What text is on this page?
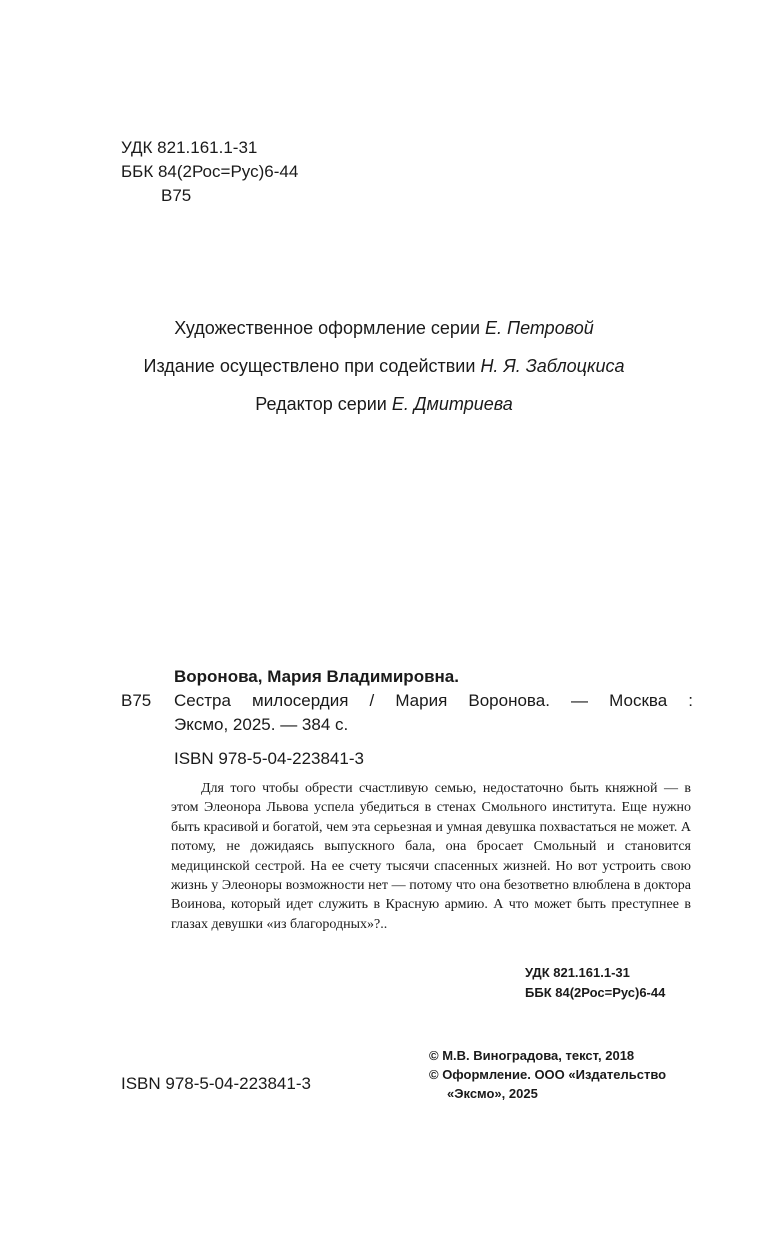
УДК 821.161.1-31
ББК 84(2Рос=Рус)6-44
В75
Художественное оформление серии Е. Петровой
Издание осуществлено при содействии Н. Я. Заблоцкиса
Редактор серии Е. Дмитриева
Воронова, Мария Владимировна.
В75	Сестра милосердия / Мария Воронова. — Москва :
Эксмо, 2025. — 384 с.
ISBN 978-5-04-223841-3

Для того чтобы обрести счастливую семью, недостаточно быть княжной — в этом Элеонора Львова успела убедиться в стенах Смольного института. Еще нужно быть красивой и богатой, чем эта серьезная и умная девушка похвастаться не может. А потому, не дожидаясь выпускного бала, она бросает Смольный и становится медицинской сестрой. На ее счету тысячи спасенных жизней. Но вот устроить свою жизнь у Элеоноры возможности нет — потому что она безответно влюблена в доктора Воинова, который идет служить в Красную армию. А что может быть преступнее в глазах девушки «из благородных»?..

УДК 821.161.1-31
ББК 84(2Рос=Рус)6-44
© М.В. Виноградова, текст, 2018
© Оформление. ООО «Издательство
«Эксмо», 2025
ISBN 978-5-04-223841-3
